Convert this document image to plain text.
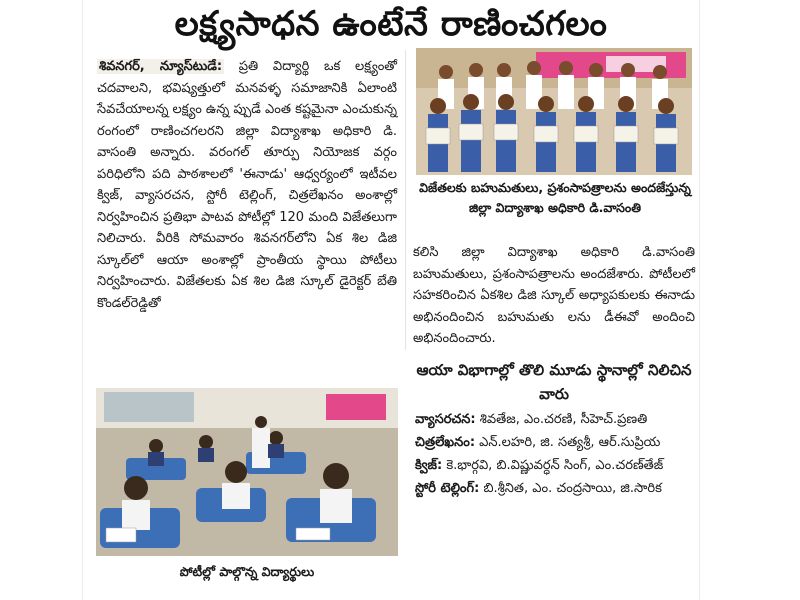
లక్ష్యసాధన ఉంటేనే రాణించగలం
శివనగర్, న్యూస్‌టుడే: ప్రతి విద్యార్థి ఒక లక్ష్యంతో చదవాలని, భవిష్యత్తులో మనవళ్ళ సమాజానికి ఏలాంటి సేవచేయాలన్న లక్ష్యం ఉన్న ప్పుడే ఎంత కష్టమైనా ఎంచుకున్న రంగంలో రాణించగలరని జిల్లా విద్యాశాఖ అధికారి డి. వాసంతి అన్నారు. వరంగల్ తూర్పు నియోజక వర్గం పరిధిలోని పది పాఠశాలలో 'ఈనాడు' ఆధ్వర్యంలో ఇటీవల క్విజ్, వ్యాసరచన, స్టోరీ టెల్లింగ్, చిత్రలేఖనం అంశాల్లో నిర్వహించిన ప్రతిభా పాటవ పోటీల్లో 120 మంది విజేతలుగా నిలిచారు. వీరికి సోమవారం శివనగర్‌లోని ఏక శిల డిజి స్కూల్‌లో ఆయా అంశాల్లో ప్రాంతీయ స్థాయి పోటీలు నిర్వహించారు. విజేతలకు ఏక శిల డిజి స్కూల్ డైరెక్టర్ బేతి కొండల్‌రెడ్డితో
విజేతలకు బహుమతులు, ప్రశంసాపత్రాలను అందజేస్తున్న జిల్లా విద్యాశాఖ అధికారి డి.వాసంతి
కలిసి జిల్లా విద్యాశాఖ అధికారి డి.వాసంతి బహుమతులు, ప్రశంసాపత్రాలను అందజేశారు. పోటీలలో సహకరించిన ఏకశిల డిజి స్కూల్ అధ్యాపకులకు ఈనాడు అభినందించిన బహుమతు లను డీఈవో అందించి అభినందించారు.
ఆయా విభాగాల్లో తొలి మూడు స్థానాల్లో నిలిచిన వారు
వ్యాసరచన: శివతేజ, ఎం.చరణి, సీహెచ్.ప్రణతి
చిత్రలేఖనం: ఎన్.లహరి, జి. సత్యశ్రీ, ఆర్.సుప్రియ
క్విజ్: కె.భార్గవి, బి.విష్ణువర్ధన్ సింగ్, ఎం.చరణ్‌తేజ్
స్టోరీ టెల్లింగ్: బి.శ్రీనిత, ఎం. చంద్రసాయి, జి.సారిక
పోటీల్లో పాల్గొన్న విద్యార్థులు
